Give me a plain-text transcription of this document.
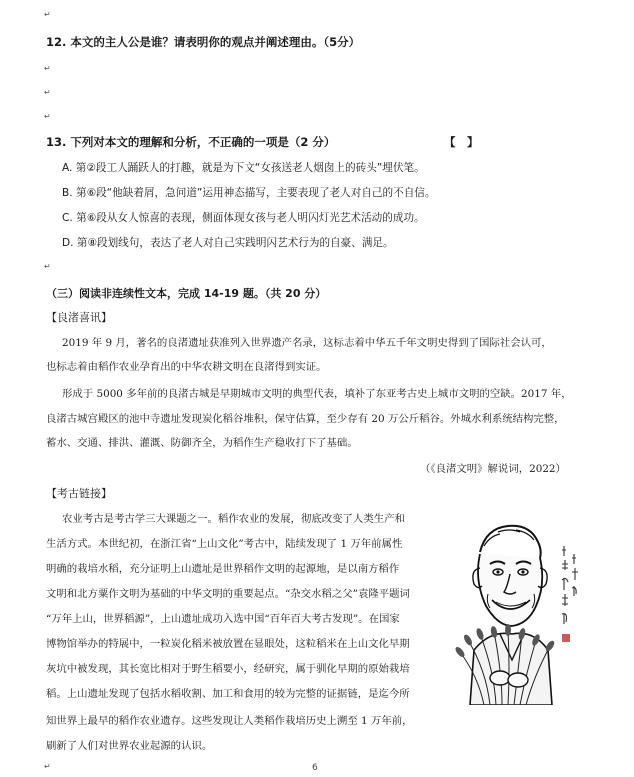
↵
12. 本文的主人公是谁？请表明你的观点并阐述理由。（5分）
↵
↵
↵
13. 下列对本文的理解和分析，不正确的一项是（2 分）	【　】
A. 第②段工人踊跃人的打趣，就是为下文“女孩送老人烟囱上的砖头”埋伏笔。
B. 第⑥段“他缺着屑，急问道”运用神态描写，主要表现了老人对自己的不自信。
C. 第⑥段从女人惊喜的表现，侧面体现女孩与老人明闪灯光艺术活动的成功。
D. 第⑧段划线句，表达了老人对自己实践明闪艺术行为的自豪、满足。
↵
（三）阅读非连续性文本，完成 14-19 题。（共 20 分）
【良渚喜讯】
2019 年 9 月，著名的良渚遗址获准列入世界遗产名录，这标志着中华五千年文明史得到了国际社会认可，
也标志着由稻作农业孕育出的中华农耕文明在良渚得到实证。
形成于 5000 多年前的良渚古城是早期城市文明的典型代表，填补了东亚考古史上城市文明的空缺。2017 年，
良渚古城宫殿区的池中寺遗址发现炭化稻谷堆积，保守估算，至少存有 20 万公斤稻谷。外城水利系统结构完整，
蓄水、交通、排洪、灌溉、防御齐全，为稻作生产稳收打下了基础。
（《良渚文明》解说词，2022）
【考古链接】
农业考古是考古学三大课题之一。稻作农业的发展，彻底改变了人类生产和
生活方式。本世纪初，在浙江省“上山文化”考古中，陆续发现了 1 万年前属性
明确的栽培水稻，充分证明上山遗址是世界稻作文明的起源地，是以南方稻作
文明和北方粟作文明为基础的中华文明的重要起点。“杂交水稻之父”袁隆平题词
“万年上山，世界稻源”，上山遗址成功入选中国“百年百大考古发现”。在国家
博物馆举办的特展中，一粒炭化稻米被放置在显眼处，这粒稻米在上山文化早期
灰坑中被发现，其长宽比相对于野生稻要小，经研究，属于驯化早期的原始栽培
稻。上山遗址发现了包括水稻收割、加工和食用的较为完整的证据链，是迄今所
知世界上最早的稻作农业遗存。这些发现让人类稻作栽培历史上溯至 1 万年前，
刷新了人们对世界农业起源的认识。
↵	6
